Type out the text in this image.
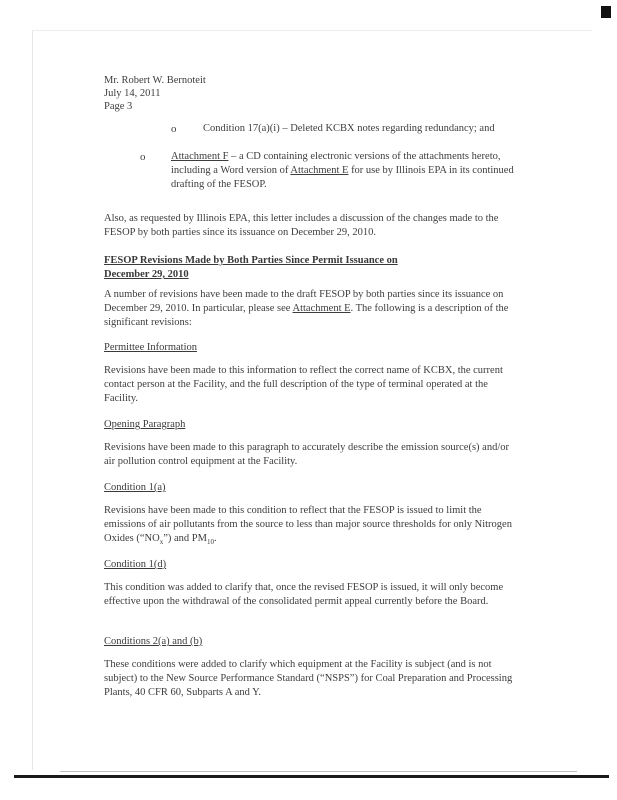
Mr. Robert W. Bernoteit
July 14, 2011
Page 3
o	Condition 17(a)(i) – Deleted KCBX notes regarding redundancy; and
o Attachment F – a CD containing electronic versions of the attachments hereto, including a Word version of Attachment E for use by Illinois EPA in its continued drafting of the FESOP.
Also, as requested by Illinois EPA, this letter includes a discussion of the changes made to the FESOP by both parties since its issuance on December 29, 2010.
FESOP Revisions Made by Both Parties Since Permit Issuance on December 29, 2010
A number of revisions have been made to the draft FESOP by both parties since its issuance on December 29, 2010. In particular, please see Attachment E. The following is a description of the significant revisions:
Permittee Information
Revisions have been made to this information to reflect the correct name of KCBX, the current contact person at the Facility, and the full description of the type of terminal operated at the Facility.
Opening Paragraph
Revisions have been made to this paragraph to accurately describe the emission source(s) and/or air pollution control equipment at the Facility.
Condition 1(a)
Revisions have been made to this condition to reflect that the FESOP is issued to limit the emissions of air pollutants from the source to less than major source thresholds for only Nitrogen Oxides $(“NO_x”)$ and $PM_{10}$.
Condition 1(d)
This condition was added to clarify that, once the revised FESOP is issued, it will only become effective upon the withdrawal of the consolidated permit appeal currently before the Board.
Conditions 2(a) and (b)
These conditions were added to clarify which equipment at the Facility is subject (and is not subject) to the New Source Performance Standard (“NSPS”) for Coal Preparation and Processing Plants, 40 CFR 60, Subparts A and Y.
